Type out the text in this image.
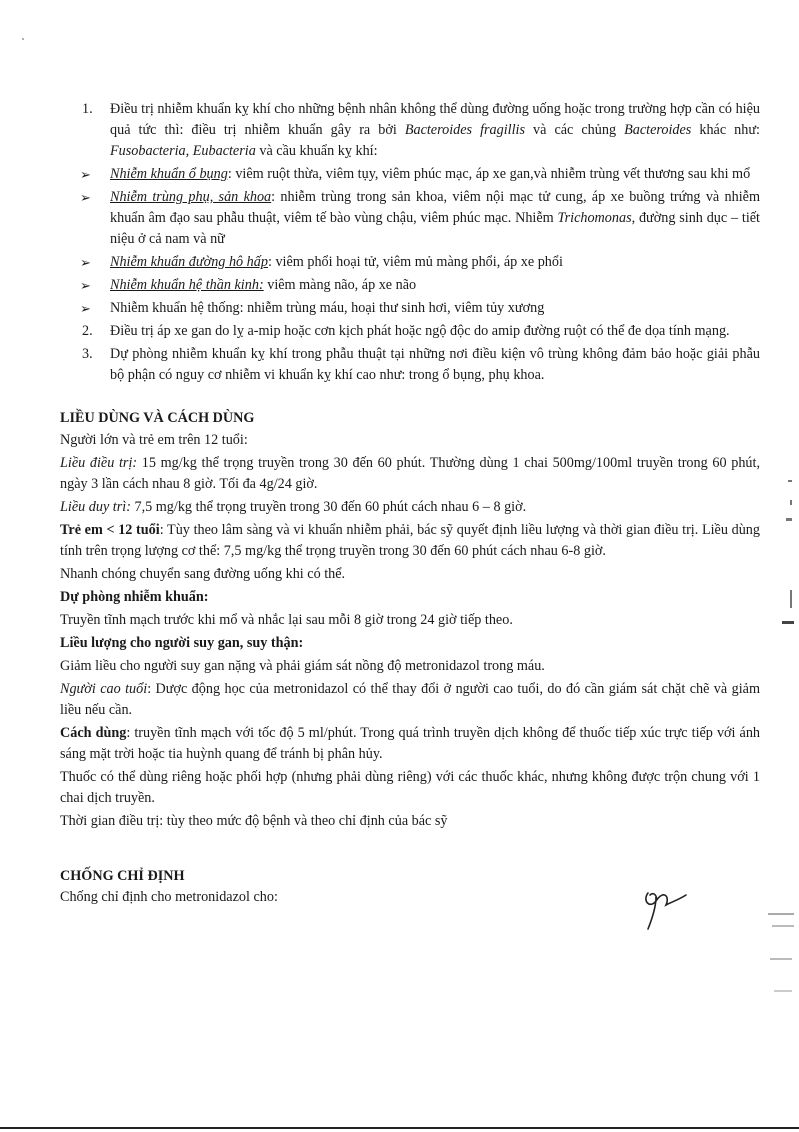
1. Điều trị nhiễm khuẩn kỵ khí cho những bệnh nhân không thể dùng đường uống hoặc trong trường hợp cần có hiệu quả tức thì: điều trị nhiễm khuẩn gây ra bởi Bacteroides fragillis và các chủng Bacteroides khác như: Fusobacteria, Eubacteria và cầu khuẩn kỵ khí:
➢ Nhiễm khuẩn ổ bụng: viêm ruột thừa, viêm tụy, viêm phúc mạc, áp xe gan,và nhiễm trùng vết thương sau khi mổ
➢ Nhiễm trùng phụ, sản khoa: nhiễm trùng trong sản khoa, viêm nội mạc tử cung, áp xe buồng trứng và nhiễm khuẩn âm đạo sau phẫu thuật, viêm tế bào vùng chậu, viêm phúc mạc. Nhiễm Trichomonas, đường sinh dục – tiết niệu ở cả nam và nữ
➢ Nhiễm khuẩn đường hô hấp: viêm phổi hoại tử, viêm mủ màng phổi, áp xe phổi
➢ Nhiễm khuẩn hệ thần kinh: viêm màng não, áp xe não
➢ Nhiễm khuẩn hệ thống: nhiễm trùng máu, hoại thư sinh hơi, viêm tủy xương
2. Điều trị áp xe gan do lỵ a-mip hoặc cơn kịch phát hoặc ngộ độc do amip đường ruột có thể đe dọa tính mạng.
3. Dự phòng nhiễm khuẩn kỵ khí trong phẫu thuật tại những nơi điều kiện vô trùng không đảm bảo hoặc giải phẫu bộ phận có nguy cơ nhiễm vi khuẩn kỵ khí cao như: trong ổ bụng, phụ khoa.
LIỀU DÙNG VÀ CÁCH DÙNG

Người lớn và trẻ em trên 12 tuổi:

Liều điều trị: 15 mg/kg thể trọng truyền trong 30 đến 60 phút. Thường dùng 1 chai 500mg/100ml truyền trong 60 phút, ngày 3 lần cách nhau 8 giờ. Tối đa 4g/24 giờ.

Liều duy trì: 7,5 mg/kg thể trọng truyền trong 30 đến 60 phút cách nhau 6 – 8 giờ.

Trẻ em < 12 tuổi: Tùy theo lâm sàng và vi khuẩn nhiễm phải, bác sỹ quyết định liều lượng và thời gian điều trị. Liều dùng tính trên trọng lượng cơ thể: 7,5 mg/kg thể trọng truyền trong 30 đến 60 phút cách nhau 6-8 giờ.

Nhanh chóng chuyển sang đường uống khi có thể.

Dự phòng nhiễm khuẩn:

Truyền tĩnh mạch trước khi mổ và nhắc lại sau mỗi 8 giờ trong 24 giờ tiếp theo.

Liều lượng cho người suy gan, suy thận:

Giảm liều cho người suy gan nặng và phải giám sát nồng độ metronidazol trong máu.

Người cao tuổi: Dược động học của metronidazol có thể thay đổi ở người cao tuổi, do đó cần giám sát chặt chẽ và giảm liều nếu cần.

Cách dùng: truyền tĩnh mạch với tốc độ 5 ml/phút. Trong quá trình truyền dịch không để thuốc tiếp xúc trực tiếp với ánh sáng mặt trời hoặc tia huỳnh quang để tránh bị phân hủy.

Thuốc có thể dùng riêng hoặc phối hợp (nhưng phải dùng riêng) với các thuốc khác, nhưng không được trộn chung với 1 chai dịch truyền.

Thời gian điều trị: tùy theo mức độ bệnh và theo chỉ định của bác sỹ

CHỐNG CHỈ ĐỊNH

Chống chỉ định cho metronidazol cho:
